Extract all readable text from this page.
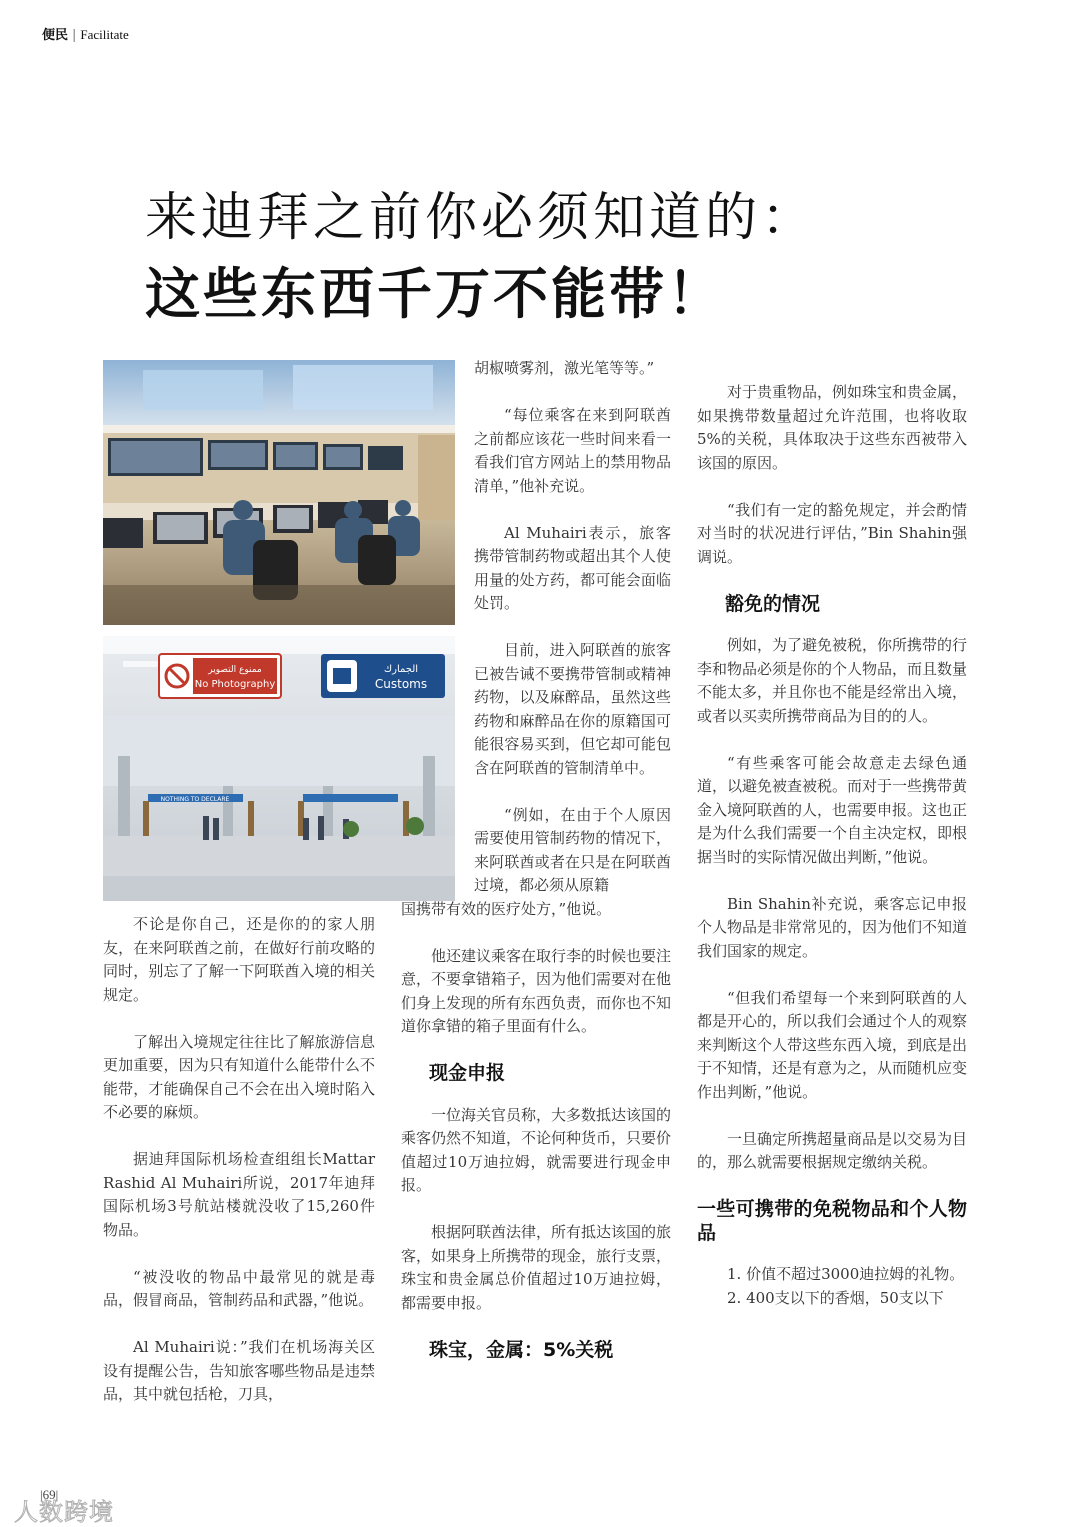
便民 | Facilitate
来迪拜之前你必须知道的：
这些东西千万不能带！
ممنوع التصوير
No Photography
الجمارك
Customs
NOTHING TO DECLARE

不论是你自己，还是你的的家人朋友，在来阿联酋之前，在做好行前攻略的同时，别忘了了解一下阿联酋入境的相关规定。

了解出入境规定往往比了解旅游信息更加重要，因为只有知道什么能带什么不能带，才能确保自己不会在出入境时陷入不必要的麻烦。

据迪拜国际机场检查组组长Mattar Rashid Al Muhairi所说，2017年迪拜国际机场3号航站楼就没收了15,260件物品。

“被没收的物品中最常见的就是毒品，假冒商品，管制药品和武器，”他说。

Al Muhairi说：”我们在机场海关区设有提醒公告，告知旅客哪些物品是违禁品，其中就包括枪，刀具，

胡椒喷雾剂，激光笔等等。”

“每位乘客在来到阿联酋之前都应该花一些时间来看一看我们官方网站上的禁用物品清单，”他补充说。

Al Muhairi表示，旅客携带管制药物或超出其个人使用量的处方药，都可能会面临处罚。

目前，进入阿联酋的旅客已被告诫不要携带管制或精神药物，以及麻醉品，虽然这些药物和麻醉品在你的原籍国可能很容易买到，但它却可能包含在阿联酋的管制清单中。

“例如，在由于个人原因需要使用管制药物的情况下，来阿联酋或者在只是在阿联酋过境，都必须从原籍

国携带有效的医疗处方，”他说。

他还建议乘客在取行李的时候也要注意，不要拿错箱子，因为他们需要对在他们身上发现的所有东西负责，而你也不知道你拿错的箱子里面有什么。

现金申报

一位海关官员称，大多数抵达该国的乘客仍然不知道，不论何种货币，只要价值超过10万迪拉姆，就需要进行现金申报。

根据阿联酋法律，所有抵达该国的旅客，如果身上所携带的现金，旅行支票，珠宝和贵金属总价值超过10万迪拉姆，都需要申报。

珠宝，金属：5%关税

对于贵重物品，例如珠宝和贵金属，如果携带数量超过允许范围，也将收取5%的关税，具体取决于这些东西被带入该国的原因。

“我们有一定的豁免规定，并会酌情对当时的状况进行评估，”Bin Shahin强调说。

豁免的情况

例如，为了避免被税，你所携带的行李和物品必须是你的个人物品，而且数量不能太多，并且你也不能是经常出入境，或者以买卖所携带商品为目的的人。

“有些乘客可能会故意走去绿色通道，以避免被查被税。而对于一些携带黄金入境阿联酋的人，也需要申报。这也正是为什么我们需要一个自主决定权，即根据当时的实际情况做出判断，”他说。

Bin Shahin补充说，乘客忘记申报个人物品是非常常见的，因为他们不知道我们国家的规定。

“但我们希望每一个来到阿联酋的人都是开心的，所以我们会通过个人的观察来判断这个人带这些东西入境，到底是出于不知情，还是有意为之，从而随机应变作出判断，”他说。

一旦确定所携超量商品是以交易为目的，那么就需要根据规定缴纳关税。

一些可携带的免税物品和个人物品

1. 价值不超过3000迪拉姆的礼物。

2. 400支以下的香烟，50支以下

|69|
人数跨境
